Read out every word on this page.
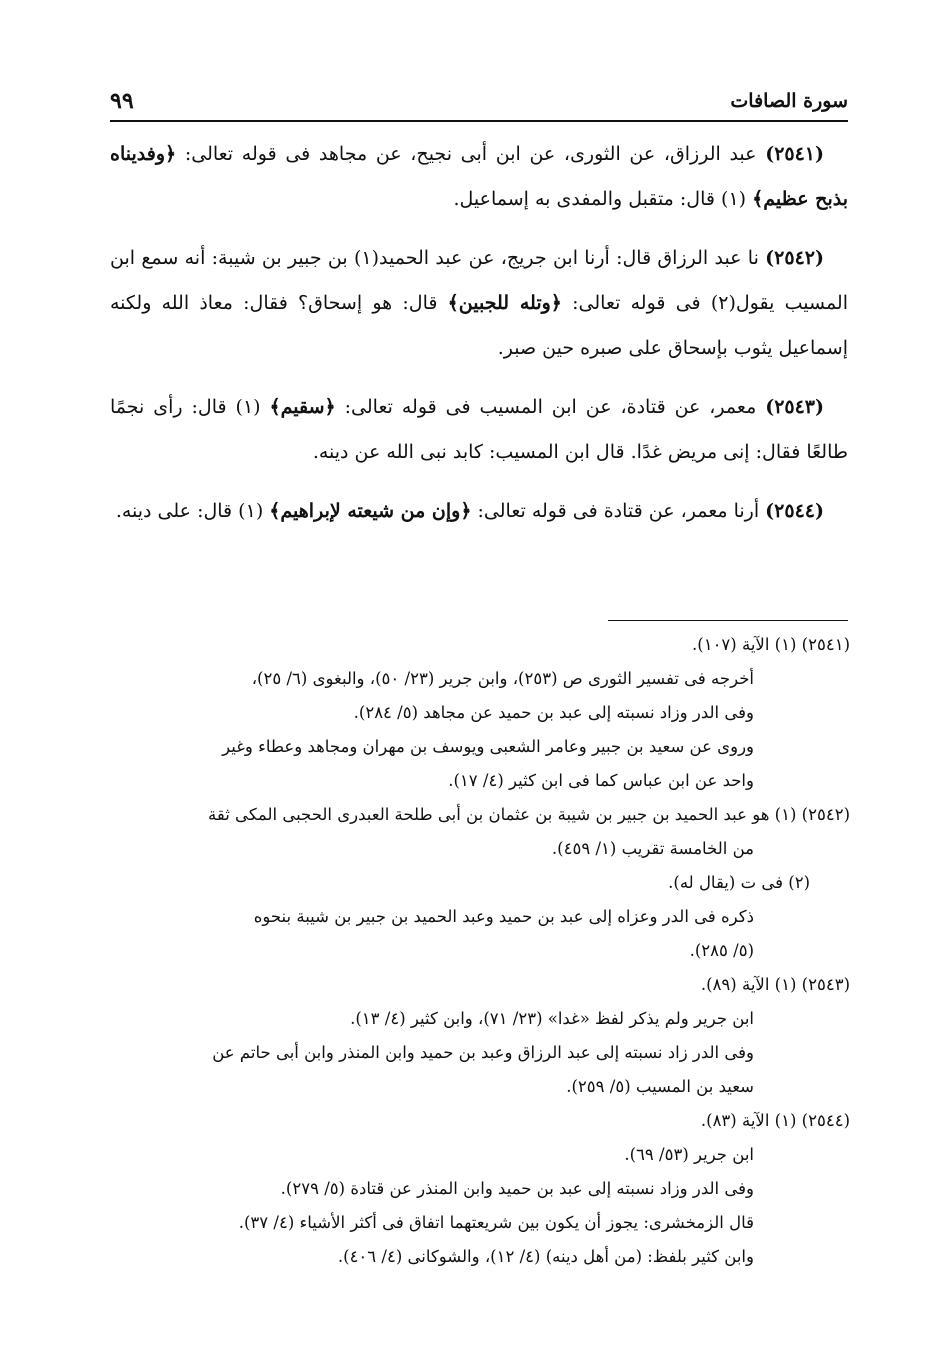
سورة الصافات
٩٩

(٢٥٤١) عبد الرزاق، عن الثورى، عن ابن أبى نجيح، عن مجاهد فى قوله تعالى: ﴿وفديناه بذبح عظيم﴾ (١) قال: متقبل والمفدى به إسماعيل.

(٢٥٤٢) نا عبد الرزاق قال: أرنا ابن جريج، عن عبد الحميد(١) بن جبير بن شيبة: أنه سمع ابن المسيب يقول(٢) فى قوله تعالى: ﴿وتله للجبين﴾ قال: هو إسحاق؟ فقال: معاذ الله ولكنه إسماعيل يثوب بإسحاق على صبره حين صبر.

(٢٥٤٣) معمر، عن قتادة، عن ابن المسيب فى قوله تعالى: ﴿سقيم﴾ (١) قال: رأى نجمًا طالعًا فقال: إنى مريض غدًا. قال ابن المسيب: كابد نبى الله عن دينه.

(٢٥٤٤) أرنا معمر، عن قتادة فى قوله تعالى: ﴿وإن من شيعته لإبراهيم﴾ (١) قال: على دينه.

(٢٥٤١) (١) الآية (١٠٧).

أخرجه فى تفسير الثورى ص (٢٥٣)، وابن جرير (٢٣/ ٥٠)، والبغوى (٦/ ٢٥)،

وفى الدر وزاد نسبته إلى عبد بن حميد عن مجاهد (٥/ ٢٨٤).

وروى عن سعيد بن جبير وعامر الشعبى ويوسف بن مهران ومجاهد وعطاء وغير

واحد عن ابن عباس كما فى ابن كثير (٤/ ١٧).

(٢٥٤٢) (١) هو عبد الحميد بن جبير بن شيبة بن عثمان بن أبى طلحة العبدرى الحجبى المكى ثقة

من الخامسة تقريب (١/ ٤٥٩).

(٢) فى ت (يقال له).

ذكره فى الدر وعزاه إلى عبد بن حميد وعبد الحميد بن جبير بن شيبة بنحوه

(٥/ ٢٨٥).

(٢٥٤٣) (١) الآية (٨٩).

ابن جرير ولم يذكر لفظ «غدا» (٢٣/ ٧١)، وابن كثير (٤/ ١٣).

وفى الدر زاد نسبته إلى عبد الرزاق وعبد بن حميد وابن المنذر وابن أبى حاتم عن

سعيد بن المسيب (٥/ ٢٥٩).

(٢٥٤٤) (١) الآية (٨٣).

ابن جرير (٥٣/ ٦٩).

وفى الدر وزاد نسبته إلى عبد بن حميد وابن المنذر عن قتادة (٥/ ٢٧٩).

قال الزمخشرى: يجوز أن يكون بين شريعتهما اتفاق فى أكثر الأشياء (٤/ ٣٧).

وابن كثير بلفظ: (من أهل دينه) (٤/ ١٢)، والشوكانى (٤/ ٤٠٦).
